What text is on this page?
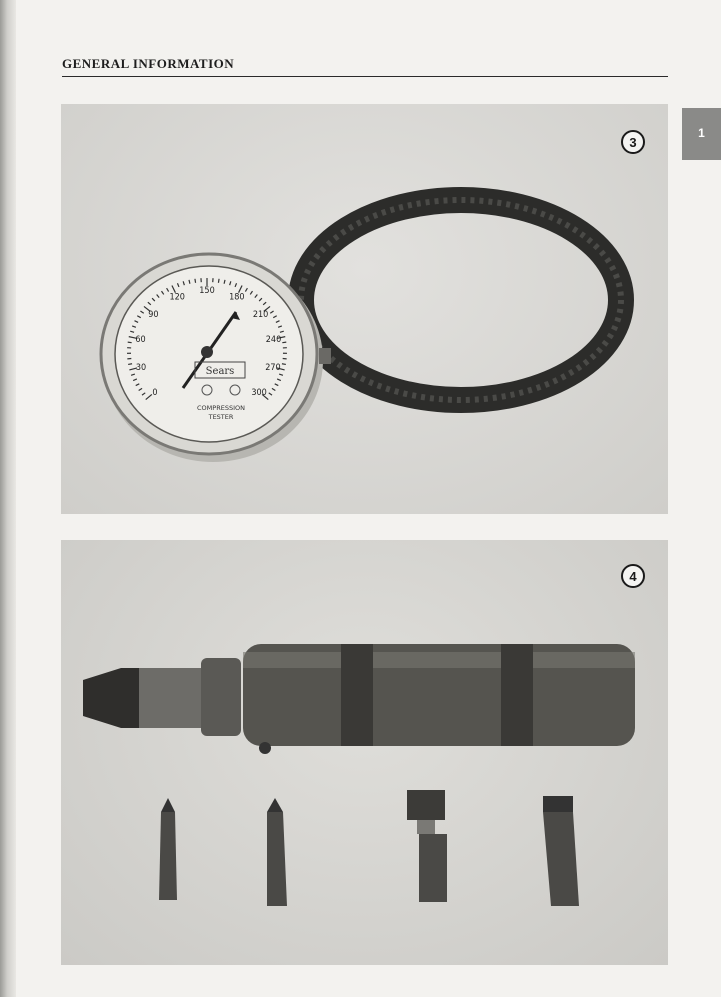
GENERAL INFORMATION
1
0
30
60
90
120
150
180
210
240
270
300
Sears
COMPRESSION
TESTER
3
4
